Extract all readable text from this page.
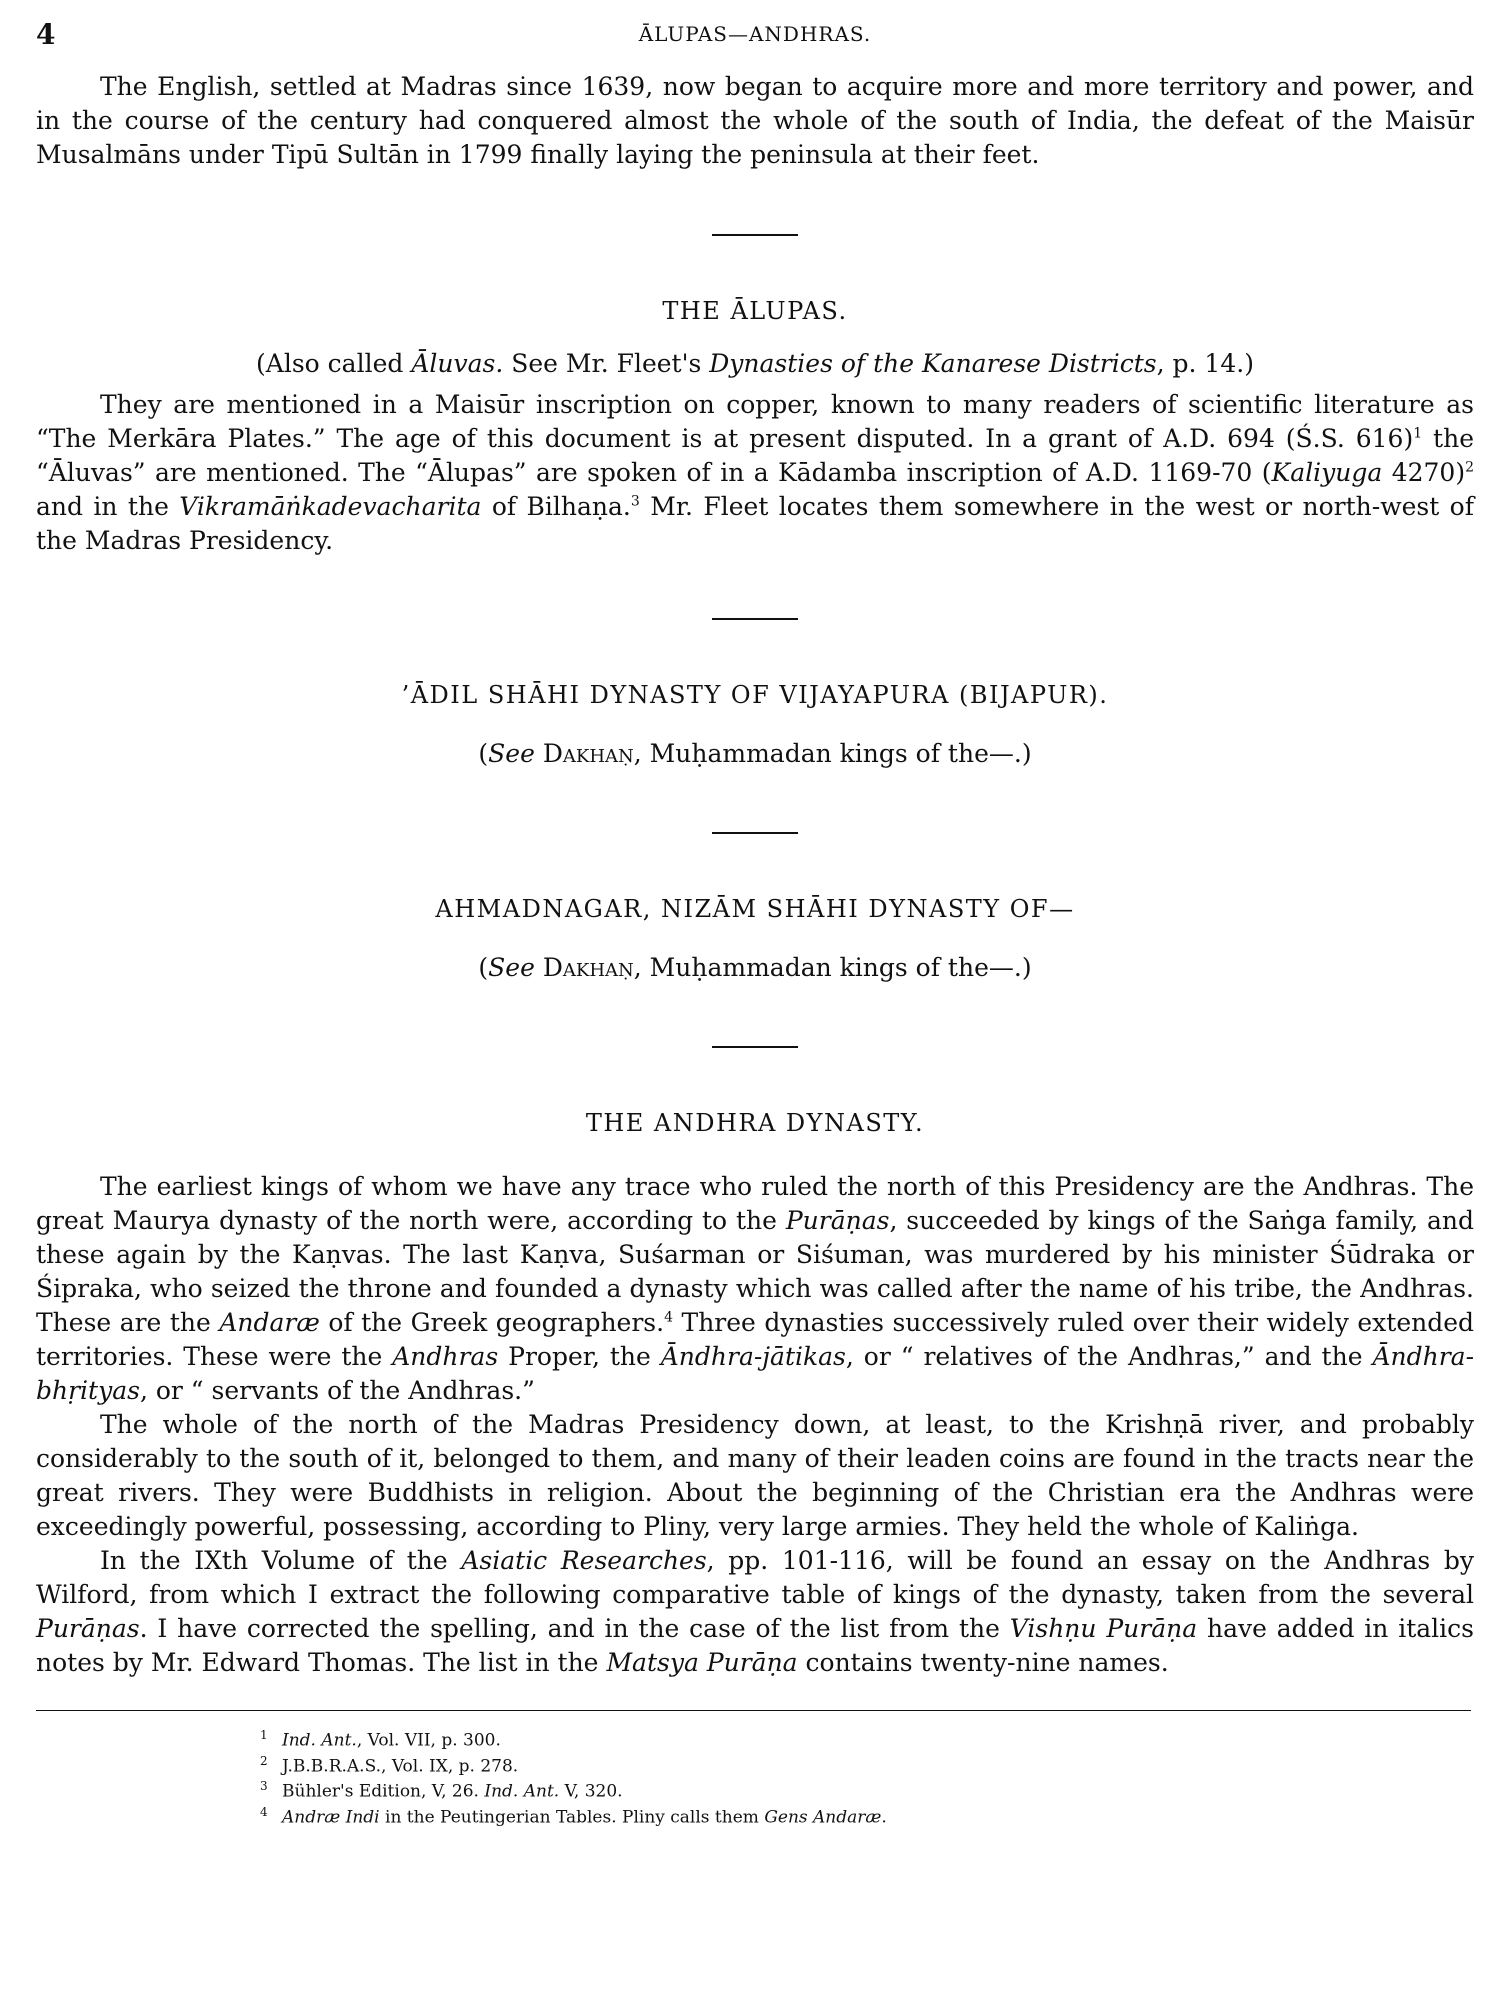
4	ĀLUPAS—ANDHRAS.

The English, settled at Madras since 1639, now began to acquire more and more territory and power, and in the course of the century had conquered almost the whole of the south of India, the defeat of the Maisūr Musalmāns under Tipū Sultān in 1799 finally laying the peninsula at their feet.

THE ĀLUPAS.
(Also called Āluvas. See Mr. Fleet's Dynasties of the Kanarese Districts, p. 14.)

They are mentioned in a Maisūr inscription on copper, known to many readers of scientific literature as “The Merkāra Plates.” The age of this document is at present disputed. In a grant of A.D. 694 (Ś.S. 616)$^1$ the “Āluvas” are mentioned. The “Ālupas” are spoken of in a Kādamba inscription of A.D. 1169-70 (Kaliyuga 4270)$^2$ and in the Vikramāṅkadevacharita of Bilhaṇa.$^3$ Mr. Fleet locates them somewhere in the west or north-west of the Madras Presidency.

’ĀDIL SHĀHI DYNASTY OF VIJAYAPURA (BIJAPUR).
(See Dakhaṇ, Muḥammadan kings of the—.)
AHMADNAGAR, NIZĀM SHĀHI DYNASTY OF—
(See Dakhaṇ, Muḥammadan kings of the—.)
THE ANDHRA DYNASTY.

The earliest kings of whom we have any trace who ruled the north of this Presidency are the Andhras. The great Maurya dynasty of the north were, according to the Purāṇas, succeeded by kings of the Saṅga family, and these again by the Kaṇvas. The last Kaṇva, Suśarman or Siśuman, was murdered by his minister Śūdraka or Śipraka, who seized the throne and founded a dynasty which was called after the name of his tribe, the Andhras. These are the Andaræ of the Greek geographers.$^4$ Three dynasties successively ruled over their widely extended territories. These were the Andhras Proper, the Āndhra-jātikas, or “ relatives of the Andhras,” and the Āndhra-bhṛityas, or “ servants of the Andhras.”

The whole of the north of the Madras Presidency down, at least, to the Krishṇā river, and probably considerably to the south of it, belonged to them, and many of their leaden coins are found in the tracts near the great rivers. They were Buddhists in religion. About the beginning of the Christian era the Andhras were exceedingly powerful, possessing, according to Pliny, very large armies. They held the whole of Kaliṅga.

In the IXth Volume of the Asiatic Researches, pp. 101-116, will be found an essay on the Andhras by Wilford, from which I extract the following comparative table of kings of the dynasty, taken from the several Purāṇas. I have corrected the spelling, and in the case of the list from the Vishṇu Purāṇa have added in italics notes by Mr. Edward Thomas. The list in the Matsya Purāṇa contains twenty-nine names.

1 Ind. Ant., Vol. VII, p. 300.
2 J.B.B.R.A.S., Vol. IX, p. 278.
3 Bühler's Edition, V, 26. Ind. Ant. V, 320.
4 Andræ Indi in the Peutingerian Tables. Pliny calls them Gens Andaræ.
